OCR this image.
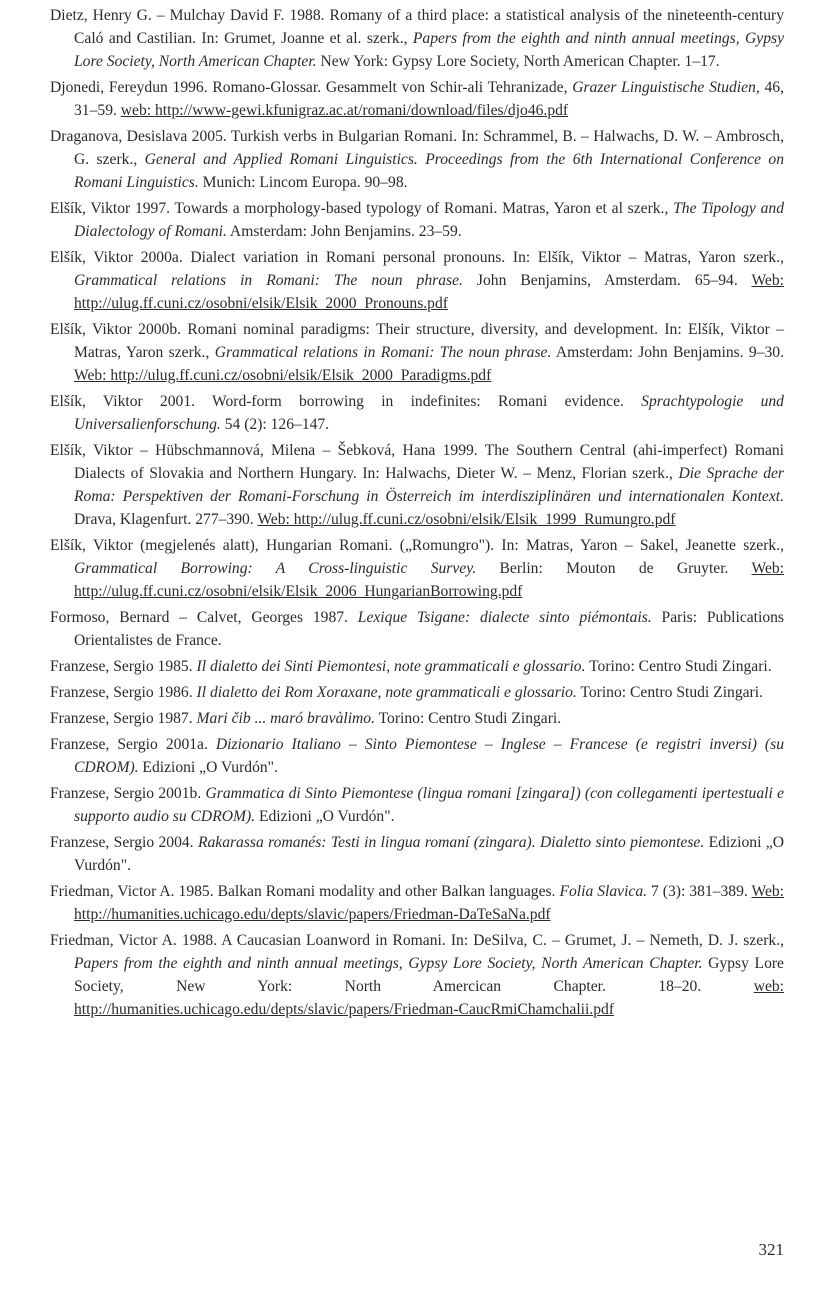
Dietz, Henry G. – Mulchay David F. 1988. Romany of a third place: a statistical analysis of the nineteenth-century Caló and Castilian. In: Grumet, Joanne et al. szerk., Papers from the eighth and ninth annual meetings, Gypsy Lore Society, North American Chapter. New York: Gypsy Lore Society, North American Chapter. 1–17.

Djonedi, Fereydun 1996. Romano-Glossar. Gesammelt von Schir-ali Tehranizade, Grazer Linguistische Studien, 46, 31–59. web: http://www-gewi.kfunigraz.ac.at/romani/download/files/djo46.pdf

Draganova, Desislava 2005. Turkish verbs in Bulgarian Romani. In: Schrammel, B. – Halwachs, D. W. – Ambrosch, G. szerk., General and Applied Romani Linguistics. Proceedings from the 6th International Conference on Romani Linguistics. Munich: Lincom Europa. 90–98.

Elšík, Viktor 1997. Towards a morphology-based typology of Romani. Matras, Yaron et al szerk., The Tipology and Dialectology of Romani. Amsterdam: John Benjamins. 23–59.

Elšík, Viktor 2000a. Dialect variation in Romani personal pronouns. In: Elšík, Viktor – Matras, Yaron szerk., Grammatical relations in Romani: The noun phrase. John Benjamins, Amsterdam. 65–94. Web: http://ulug.ff.cuni.cz/osobni/elsik/Elsik_2000_Pronouns.pdf

Elšík, Viktor 2000b. Romani nominal paradigms: Their structure, diversity, and development. In: Elšík, Viktor – Matras, Yaron szerk., Grammatical relations in Romani: The noun phrase. Amsterdam: John Benjamins. 9–30. Web: http://ulug.ff.cuni.cz/osobni/elsik/Elsik_2000_Paradigms.pdf

Elšík, Viktor 2001. Word-form borrowing in indefinites: Romani evidence. Sprachtypologie und Universalienforschung. 54 (2): 126–147.

Elšík, Viktor – Hübschmannová, Milena – Šebková, Hana 1999. The Southern Central (ahi-imperfect) Romani Dialects of Slovakia and Northern Hungary. In: Halwachs, Dieter W. – Menz, Florian szerk., Die Sprache der Roma: Perspektiven der Romani-Forschung in Österreich im interdisziplinären und internationalen Kontext. Drava, Klagenfurt. 277–390. Web: http://ulug.ff.cuni.cz/osobni/elsik/Elsik_1999_Rumungro.pdf

Elšík, Viktor (megjelenés alatt), Hungarian Romani. („Romungro"). In: Matras, Yaron – Sakel, Jeanette szerk., Grammatical Borrowing: A Cross-linguistic Survey. Berlin: Mouton de Gruyter. Web: http://ulug.ff.cuni.cz/osobni/elsik/Elsik_2006_HungarianBorrowing.pdf

Formoso, Bernard – Calvet, Georges 1987. Lexique Tsigane: dialecte sinto piémontais. Paris: Publications Orientalistes de France.

Franzese, Sergio 1985. Il dialetto dei Sinti Piemontesi, note grammaticali e glossario. Torino: Centro Studi Zingari.

Franzese, Sergio 1986. Il dialetto dei Rom Xoraxane, note grammaticali e glossario. Torino: Centro Studi Zingari.

Franzese, Sergio 1987. Mari čib ... maró bravàlimo. Torino: Centro Studi Zingari.

Franzese, Sergio 2001a. Dizionario Italiano – Sinto Piemontese – Inglese – Francese (e registri inversi) (su CDROM). Edizioni „O Vurdón".

Franzese, Sergio 2001b. Grammatica di Sinto Piemontese (lingua romani [zingara]) (con collegamenti ipertestuali e supporto audio su CDROM). Edizioni „O Vurdón".

Franzese, Sergio 2004. Rakarassa romanés: Testi in lingua romaní (zingara). Dialetto sinto piemontese. Edizioni „O Vurdón".

Friedman, Victor A. 1985. Balkan Romani modality and other Balkan languages. Folia Slavica. 7 (3): 381–389. Web: http://humanities.uchicago.edu/depts/slavic/papers/Friedman-DaTeSaNa.pdf

Friedman, Victor A. 1988. A Caucasian Loanword in Romani. In: DeSilva, C. – Grumet, J. – Nemeth, D. J. szerk., Papers from the eighth and ninth annual meetings, Gypsy Lore Society, North American Chapter. Gypsy Lore Society, New York: North Amercican Chapter. 18–20. web: http://humanities.uchicago.edu/depts/slavic/papers/Friedman-CaucRmiChamchalii.pdf

321
